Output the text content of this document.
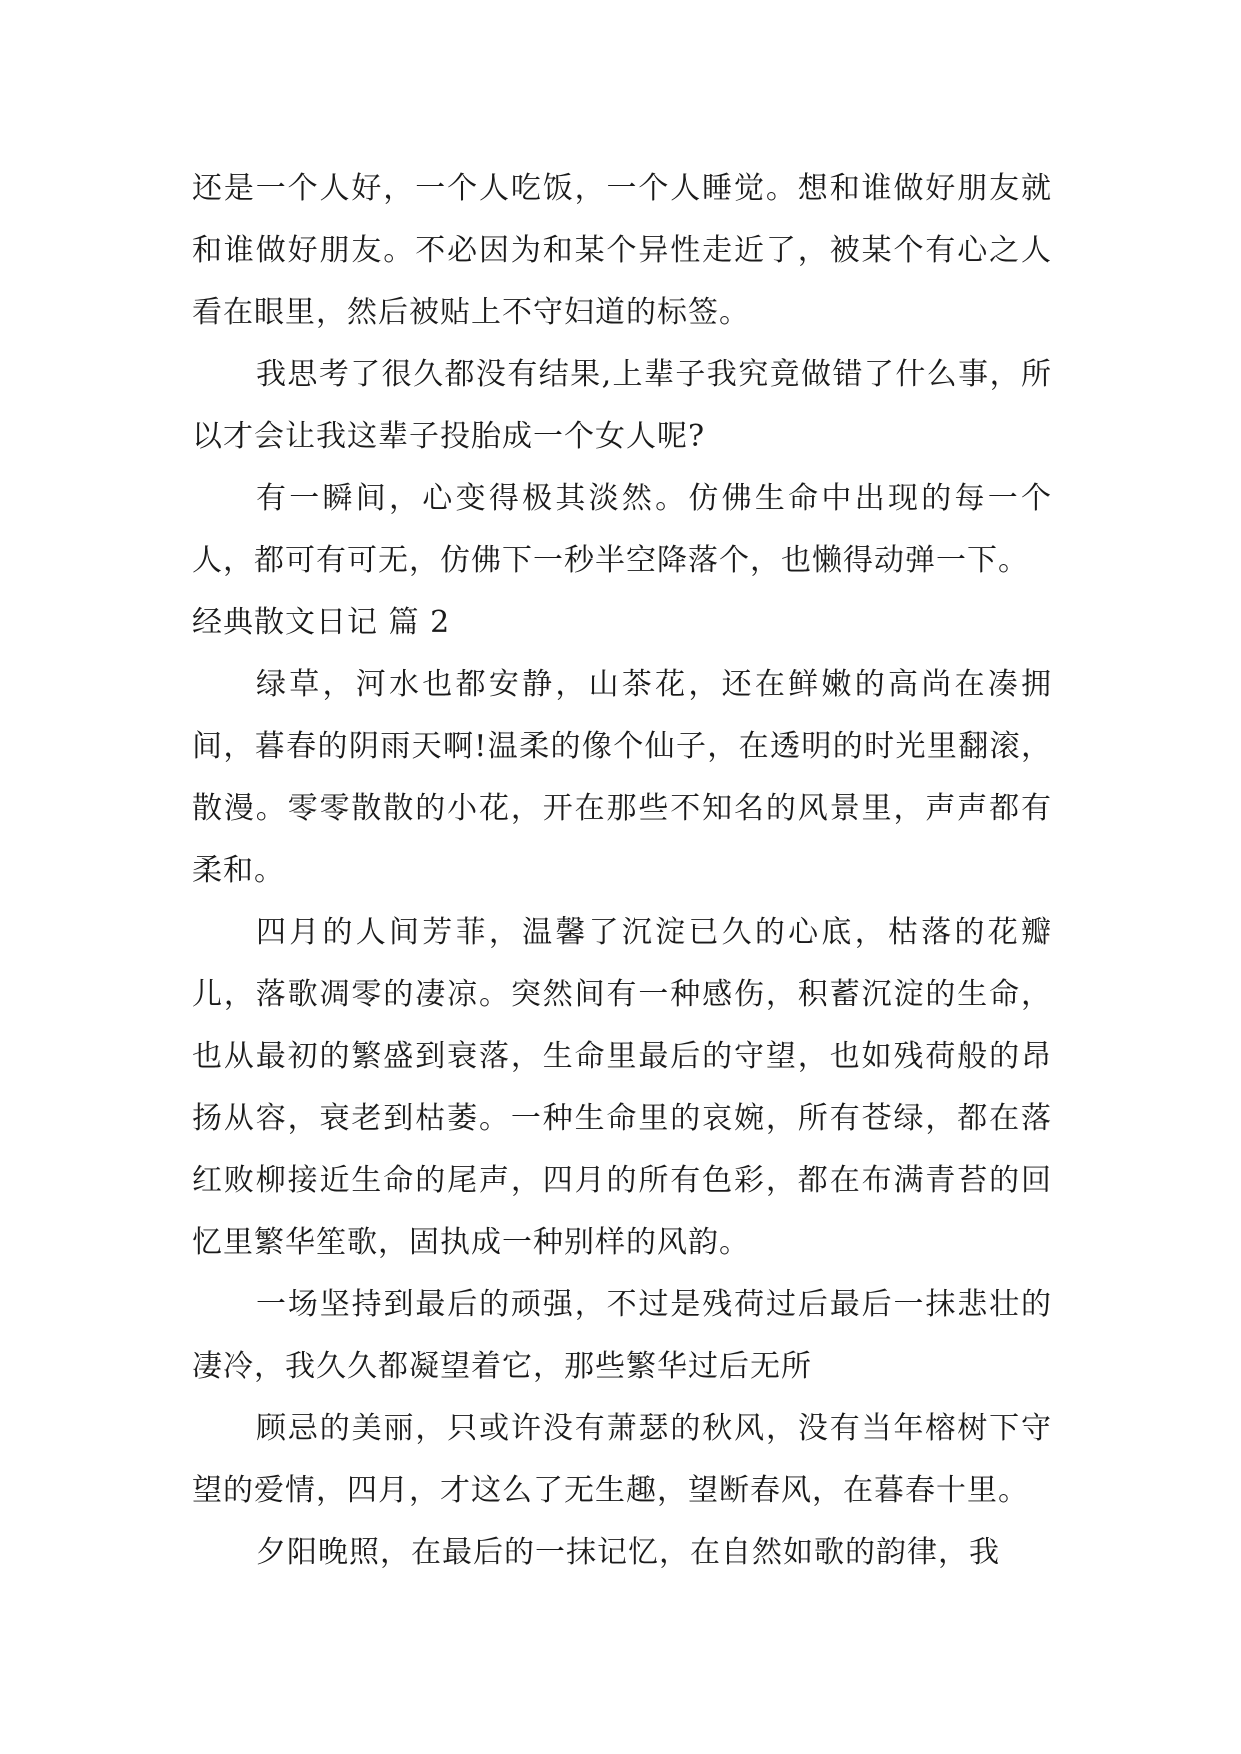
还是一个人好，一个人吃饭，一个人睡觉。想和谁做好朋友就和谁做好朋友。不必因为和某个异性走近了，被某个有心之人看在眼里，然后被贴上不守妇道的标签。

我思考了很久都没有结果,上辈子我究竟做错了什么事，所以才会让我这辈子投胎成一个女人呢?

有一瞬间，心变得极其淡然。仿佛生命中出现的每一个人，都可有可无，仿佛下一秒半空降落个，也懒得动弹一下。

经典散文日记 篇 2

绿草，河水也都安静，山茶花，还在鲜嫩的高尚在凑拥间，暮春的阴雨天啊!温柔的像个仙子，在透明的时光里翻滚，散漫。零零散散的小花，开在那些不知名的风景里，声声都有柔和。

四月的人间芳菲，温馨了沉淀已久的心底，枯落的花瓣儿，落歌凋零的凄凉。突然间有一种感伤，积蓄沉淀的生命，也从最初的繁盛到衰落，生命里最后的守望，也如残荷般的昂扬从容，衰老到枯萎。一种生命里的哀婉，所有苍绿，都在落红败柳接近生命的尾声，四月的所有色彩，都在布满青苔的回忆里繁华笙歌，固执成一种别样的风韵。

一场坚持到最后的顽强，不过是残荷过后最后一抹悲壮的凄冷，我久久都凝望着它，那些繁华过后无所

顾忌的美丽，只或许没有萧瑟的秋风，没有当年榕树下守望的爱情，四月，才这么了无生趣，望断春风，在暮春十里。

夕阳晚照，在最后的一抹记忆，在自然如歌的韵律，我
